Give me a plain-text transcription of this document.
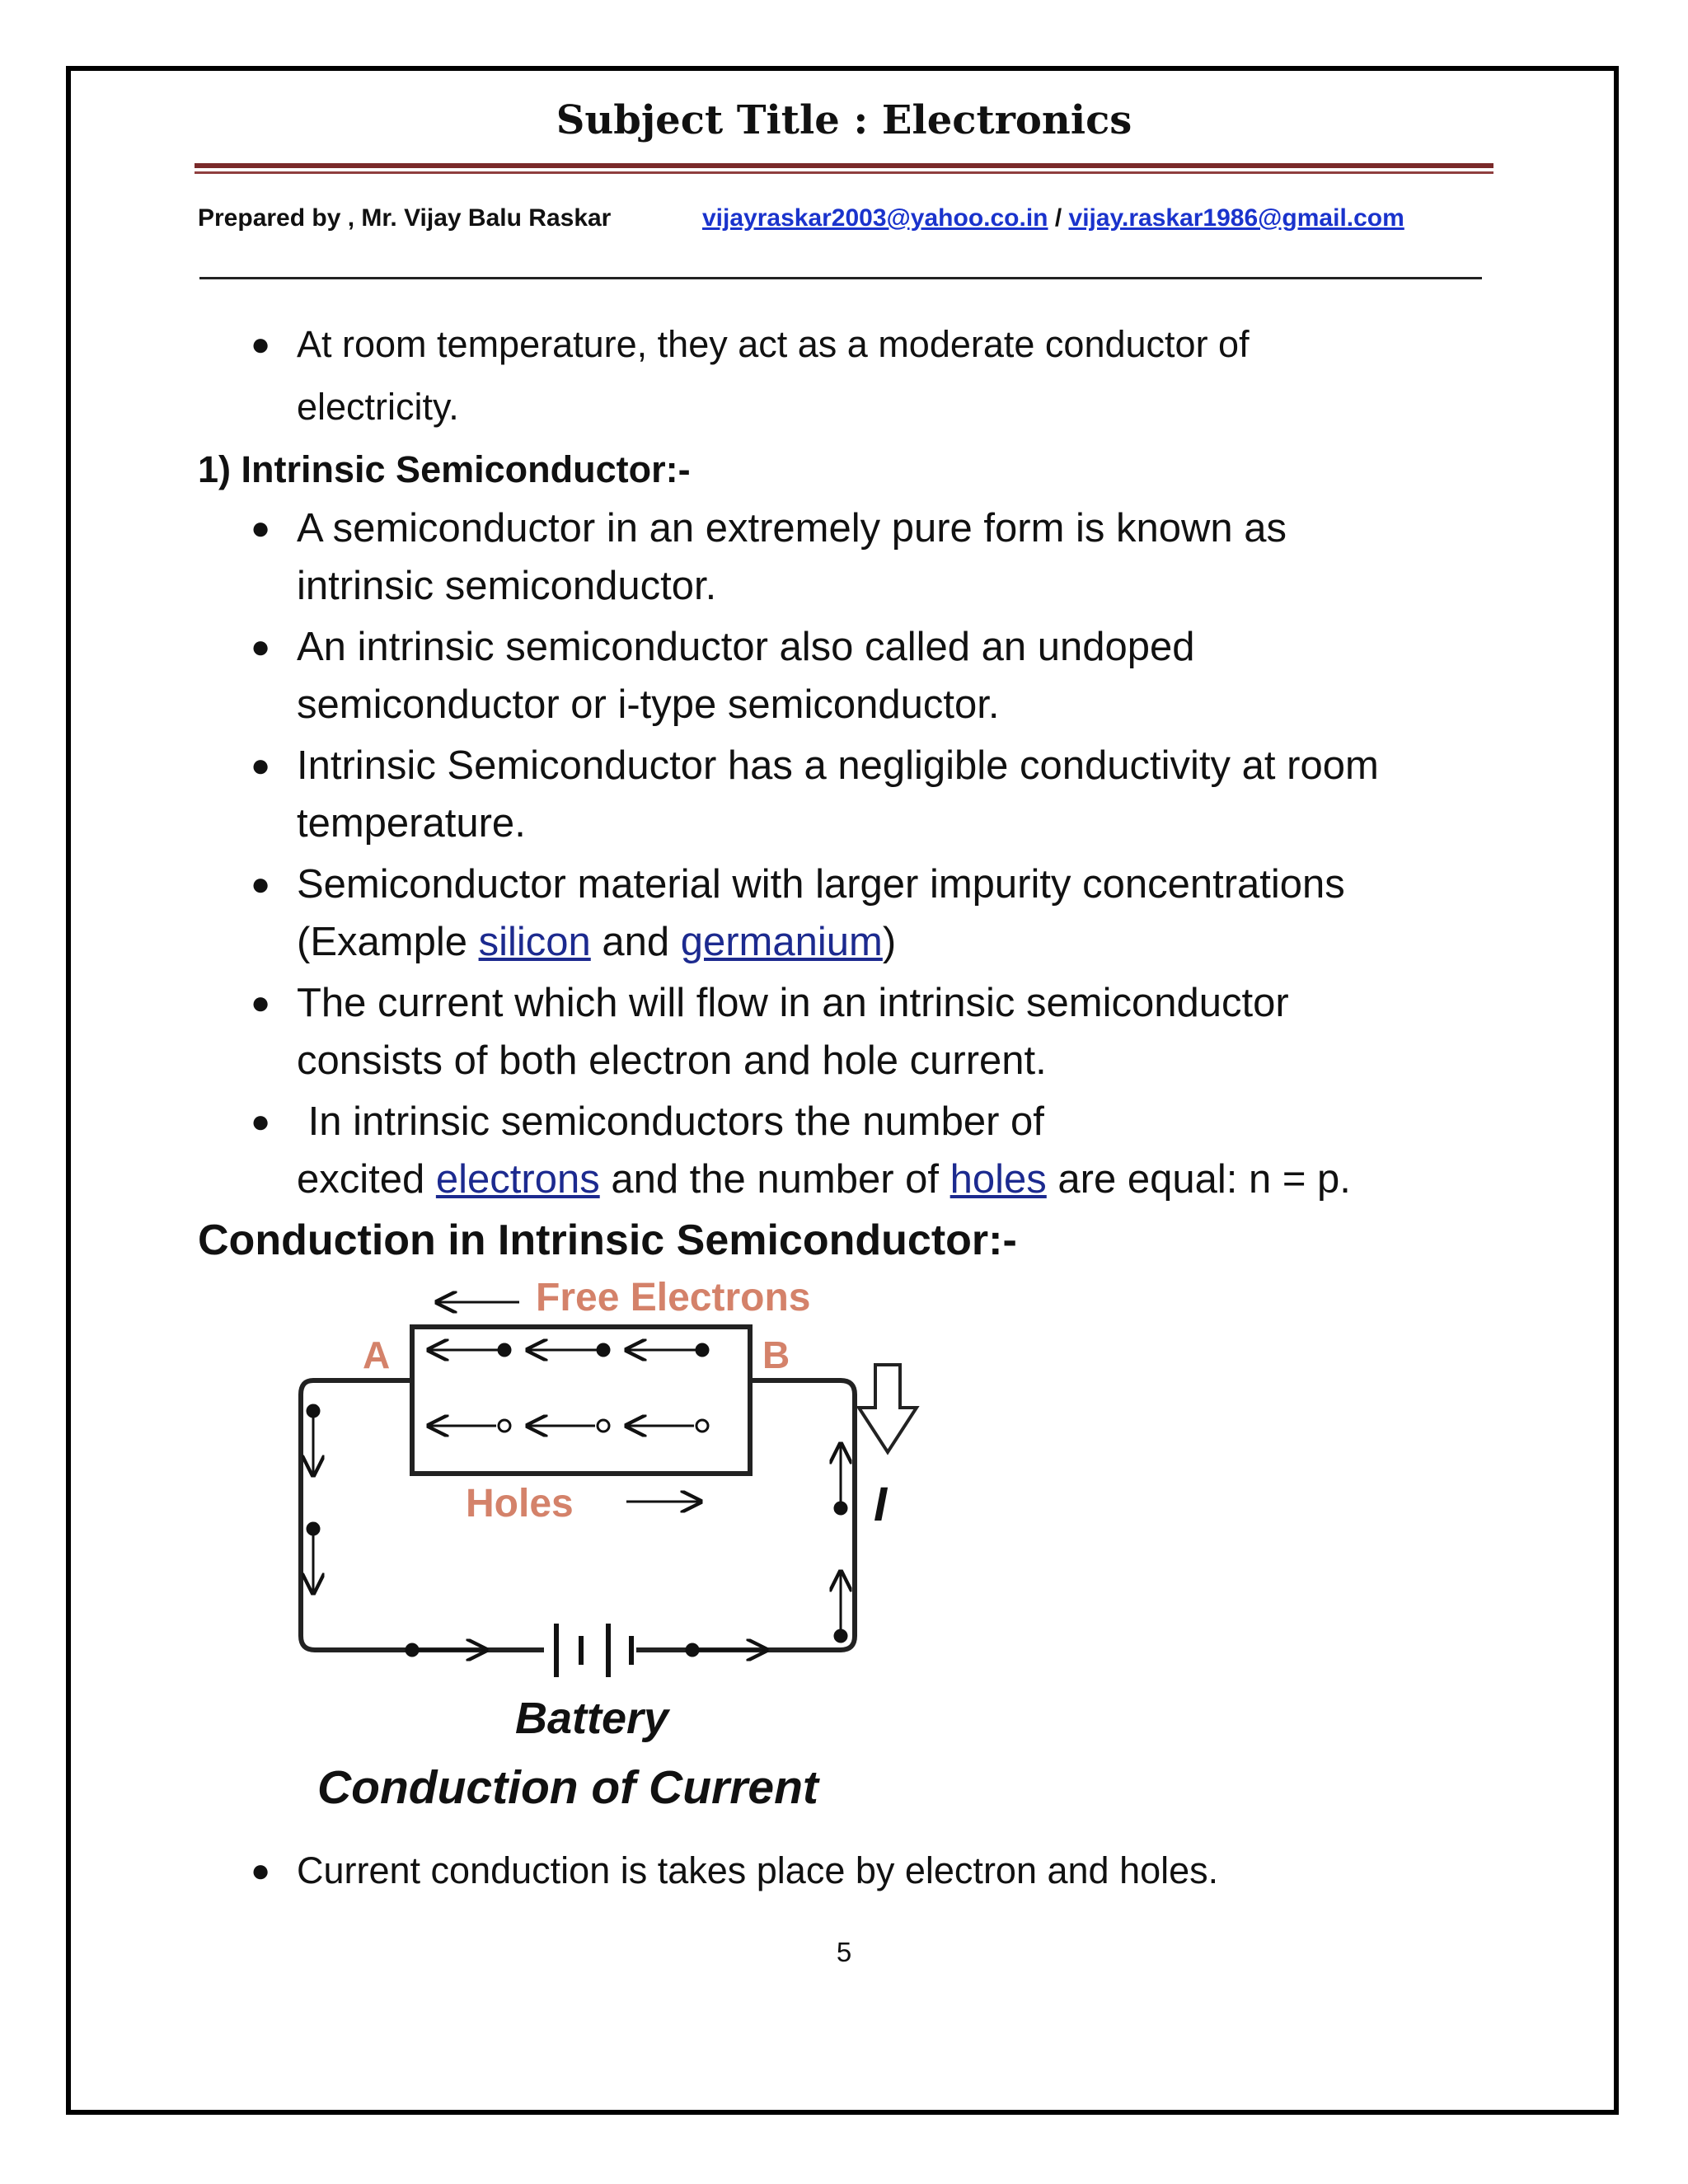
Subject Title : Electronics
Prepared by , Mr. Vijay Balu Raskar	vijayraskar2003@yahoo.co.in / vijay.raskar1986@gmail.com
● At room temperature, they act as a moderate conductor of
electricity.
1) Intrinsic Semiconductor:-
● A semiconductor in an extremely pure form is known as
intrinsic semiconductor.
● An intrinsic semiconductor also called an undoped
semiconductor or i-type semiconductor.
● Intrinsic Semiconductor has a negligible conductivity at room
temperature.
● Semiconductor material with larger impurity concentrations
(Example silicon and germanium)
● The current which will flow in an intrinsic semiconductor
consists of both electron and hole current.
● In intrinsic semiconductors the number of
excited electrons and the number of holes are equal: n = p.
Conduction in Intrinsic Semiconductor:-
Free Electrons
A	B
Holes
Battery
I
Conduction of Current
● Current conduction is takes place by electron and holes.
5
